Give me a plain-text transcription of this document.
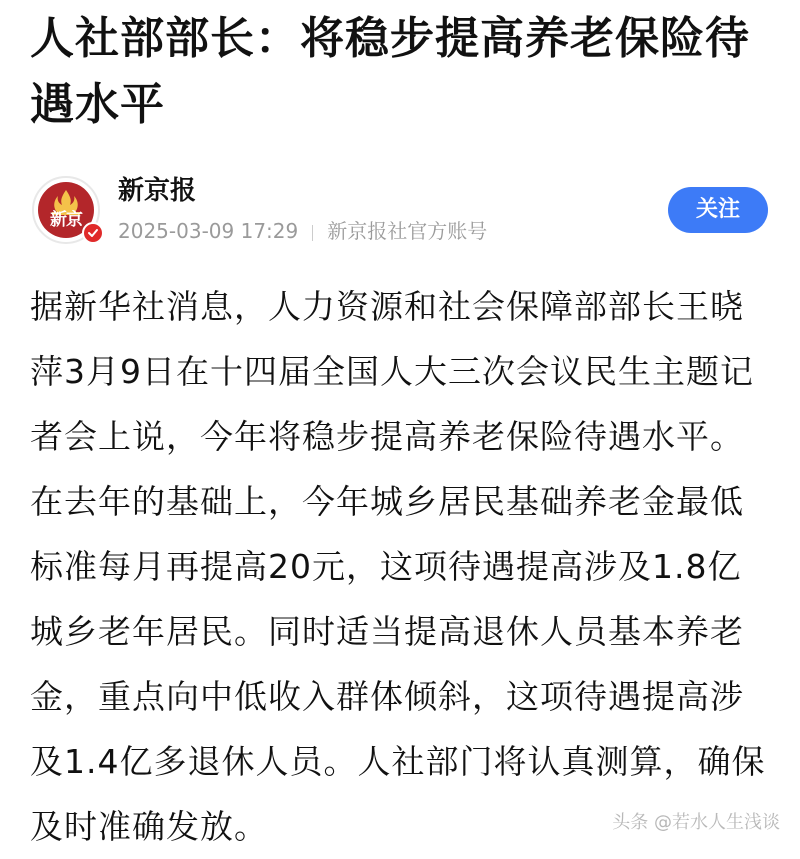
人社部部长：将稳步提高养老保险待遇水平
新京
新京报
2025-03-09 17:29 新京报社官方账号
关注

据新华社消息，人力资源和社会保障部部长王晓萍3月9日在十四届全国人大三次会议民生主题记者会上说，今年将稳步提高养老保险待遇水平。在去年的基础上，今年城乡居民基础养老金最低标准每月再提高20元，这项待遇提高涉及1.8亿城乡老年居民。同时适当提高退休人员基本养老金，重点向中低收入群体倾斜，这项待遇提高涉及1.4亿多退休人员。人社部门将认真测算，确保及时准确发放。	头条 @若水人生浅谈
